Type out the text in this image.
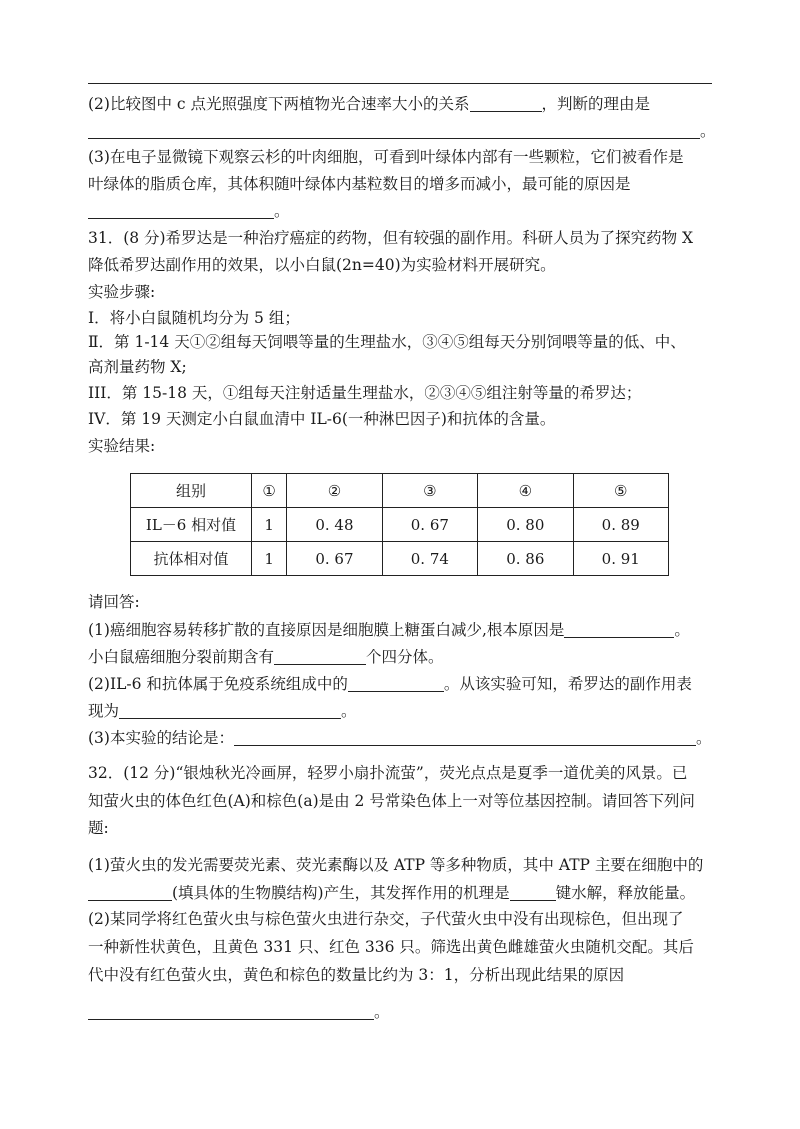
(2)比较图中 c 点光照强度下两植物光合速率大小的关系	，判断的理由是
。
(3)在电子显微镜下观察云杉的叶肉细胞，可看到叶绿体内部有一些颗粒，它们被看作是
叶绿体的脂质仓库，其体积随叶绿体内基粒数目的增多而减小，最可能的原因是
。
31．(8 分)希罗达是一种治疗癌症的药物，但有较强的副作用。科研人员为了探究药物 X
降低希罗达副作用的效果，以小白鼠(2n=40)为实验材料开展研究。
实验步骤:
I．将小白鼠随机均分为 5 组；
Ⅱ．第 1-14 天①②组每天饲喂等量的生理盐水，③④⑤组每天分别饲喂等量的低、中、
高剂量药物 X;
III．第 15-18 天，①组每天注射适量生理盐水，②③④⑤组注射等量的希罗达；
IV．第 19 天测定小白鼠血清中 IL-6(一种淋巴因子)和抗体的含量。
实验结果:
组别	①	②	③	④	⑤
IL－6 相对值	1	0. 48	0. 67	0. 80	0. 89
抗体相对值	1	0. 67	0. 74	0. 86	0. 91
请回答:
(1)癌细胞容易转移扩散的直接原因是细胞膜上糖蛋白减少,根本原因是	。
小白鼠癌细胞分裂前期含有	个四分体。
(2)IL-6 和抗体属于免疫系统组成中的	。从该实验可知，希罗达的副作用表
现为	。
(3)本实验的结论是：	。
32．(12 分)“银烛秋光冷画屏，轻罗小扇扑流萤”，荧光点点是夏季一道优美的风景。已
知萤火虫的体色红色(A)和棕色(a)是由 2 号常染色体上一对等位基因控制。请回答下列问
题:
(1)萤火虫的发光需要荧光素、荧光素酶以及 ATP 等多种物质，其中 ATP 主要在细胞中的
(填具体的生物膜结构)产生，其发挥作用的机理是	键水解，释放能量。
(2)某同学将红色萤火虫与棕色萤火虫进行杂交，子代萤火虫中没有出现棕色，但出现了
一种新性状黄色，且黄色 331 只、红色 336 只。筛选出黄色雌雄萤火虫随机交配。其后
代中没有红色萤火虫，黄色和棕色的数量比约为 3：1，分析出现此结果的原因
。
